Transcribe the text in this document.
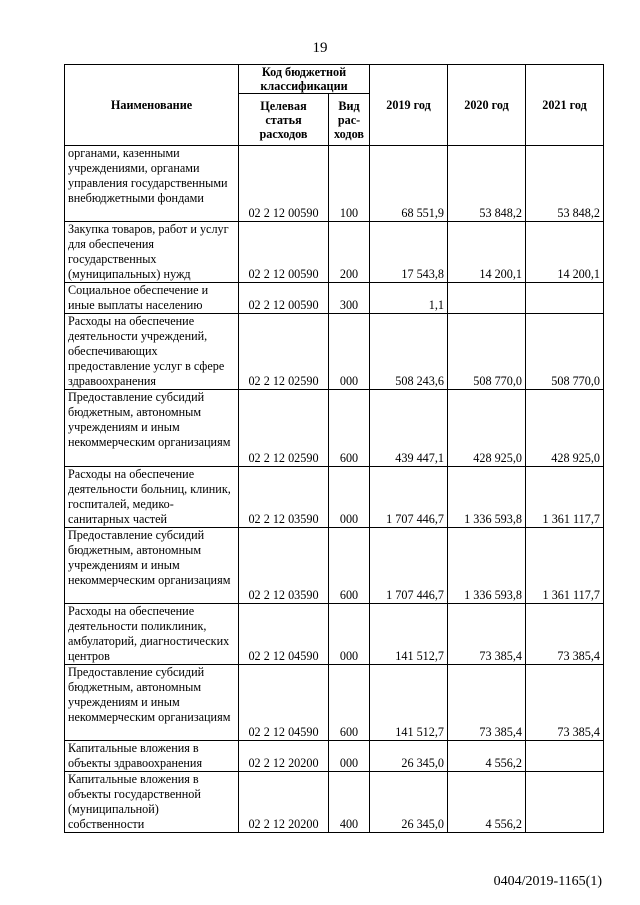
19
Наименование	Код бюджетной классификации		2019 год	2020 год	2021 год
	Целевая статья расходов	Вид рас-ходов			
органами, казенными учреждениями, органами управления государственными внебюджетными фондами	02 2 12 00590	100	68 551,9	53 848,2	53 848,2
Закупка товаров, работ и услуг для обеспечения государственных (муниципальных) нужд	02 2 12 00590	200	17 543,8	14 200,1	14 200,1
Социальное обеспечение и иные выплаты населению	02 2 12 00590	300	1,1		
Расходы на обеспечение деятельности учреждений, обеспечивающих предоставление услуг в сфере здравоохранения	02 2 12 02590	000	508 243,6	508 770,0	508 770,0
Предоставление субсидий бюджетным, автономным учреждениям и иным некоммерческим организациям	02 2 12 02590	600	439 447,1	428 925,0	428 925,0
Расходы на обеспечение деятельности больниц, клиник, госпиталей, медико-санитарных частей	02 2 12 03590	000	1 707 446,7	1 336 593,8	1 361 117,7
Предоставление субсидий бюджетным, автономным учреждениям и иным некоммерческим организациям	02 2 12 03590	600	1 707 446,7	1 336 593,8	1 361 117,7
Расходы на обеспечение деятельности поликлиник, амбулаторий, диагностических центров	02 2 12 04590	000	141 512,7	73 385,4	73 385,4
Предоставление субсидий бюджетным, автономным учреждениям и иным некоммерческим организациям	02 2 12 04590	600	141 512,7	73 385,4	73 385,4
Капитальные вложения в объекты здравоохранения	02 2 12 20200	000	26 345,0	4 556,2	
Капитальные вложения в объекты государственной (муниципальной) собственности	02 2 12 20200	400	26 345,0	4 556,2	
0404/2019-1165(1)
